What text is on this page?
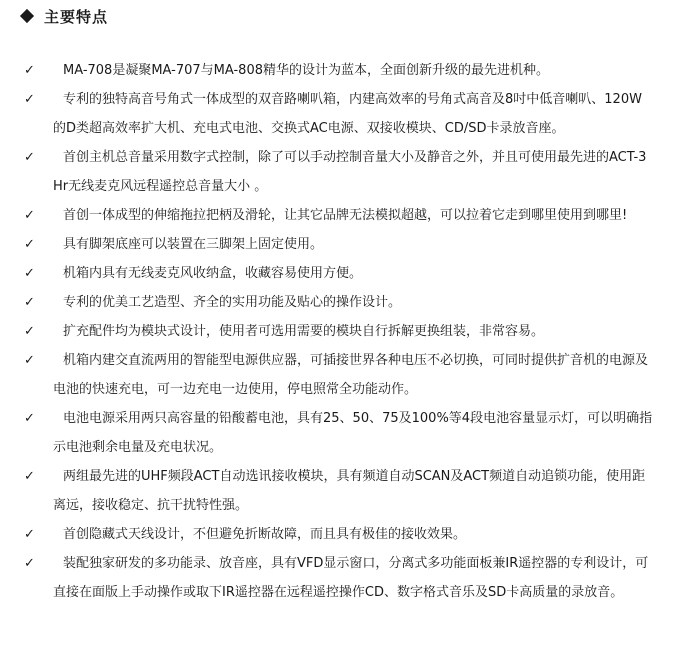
主要特点
✓	MA-708是凝聚MA-707与MA-808精华的设计为蓝本，全面创新升级的最先进机种。
✓	专利的独特高音号角式一体成型的双音路喇叭箱，内建高效率的号角式高音及8吋中低音喇叭、120W的D类超高效率扩大机、充电式电池、交换式AC电源、双接收模块、CD/SD卡录放音座。
✓	首创主机总音量采用数字式控制，除了可以手动控制音量大小及静音之外，并且可使用最先进的ACT-3Hr无线麦克风远程遥控总音量大小 。
✓	首创一体成型的伸缩拖拉把柄及滑轮，让其它品牌无法模拟超越，可以拉着它走到哪里使用到哪里!
✓	具有脚架底座可以装置在三脚架上固定使用。
✓	机箱内具有无线麦克风收纳盒，收藏容易使用方便。
✓	专利的优美工艺造型、齐全的实用功能及贴心的操作设计。
✓	扩充配件均为模块式设计，使用者可选用需要的模块自行拆解更换组装，非常容易。
✓	机箱内建交直流两用的智能型电源供应器，可插接世界各种电压不必切换，可同时提供扩音机的电源及电池的快速充电，可一边充电一边使用，停电照常全功能动作。
✓	电池电源采用两只高容量的铅酸蓄电池，具有25、50、75及100%等4段电池容量显示灯，可以明确指示电池剩余电量及充电状况。
✓	两组最先进的UHF频段ACT自动选讯接收模块，具有频道自动SCAN及ACT频道自动追锁功能，使用距离远，接收稳定、抗干扰特性强。
✓	首创隐藏式天线设计，不但避免折断故障，而且具有极佳的接收效果。
✓	装配独家研发的多功能录、放音座，具有VFD显示窗口，分离式多功能面板兼IR遥控器的专利设计，可直接在面版上手动操作或取下IR遥控器在远程遥控操作CD、数字格式音乐及SD卡高质量的录放音。
